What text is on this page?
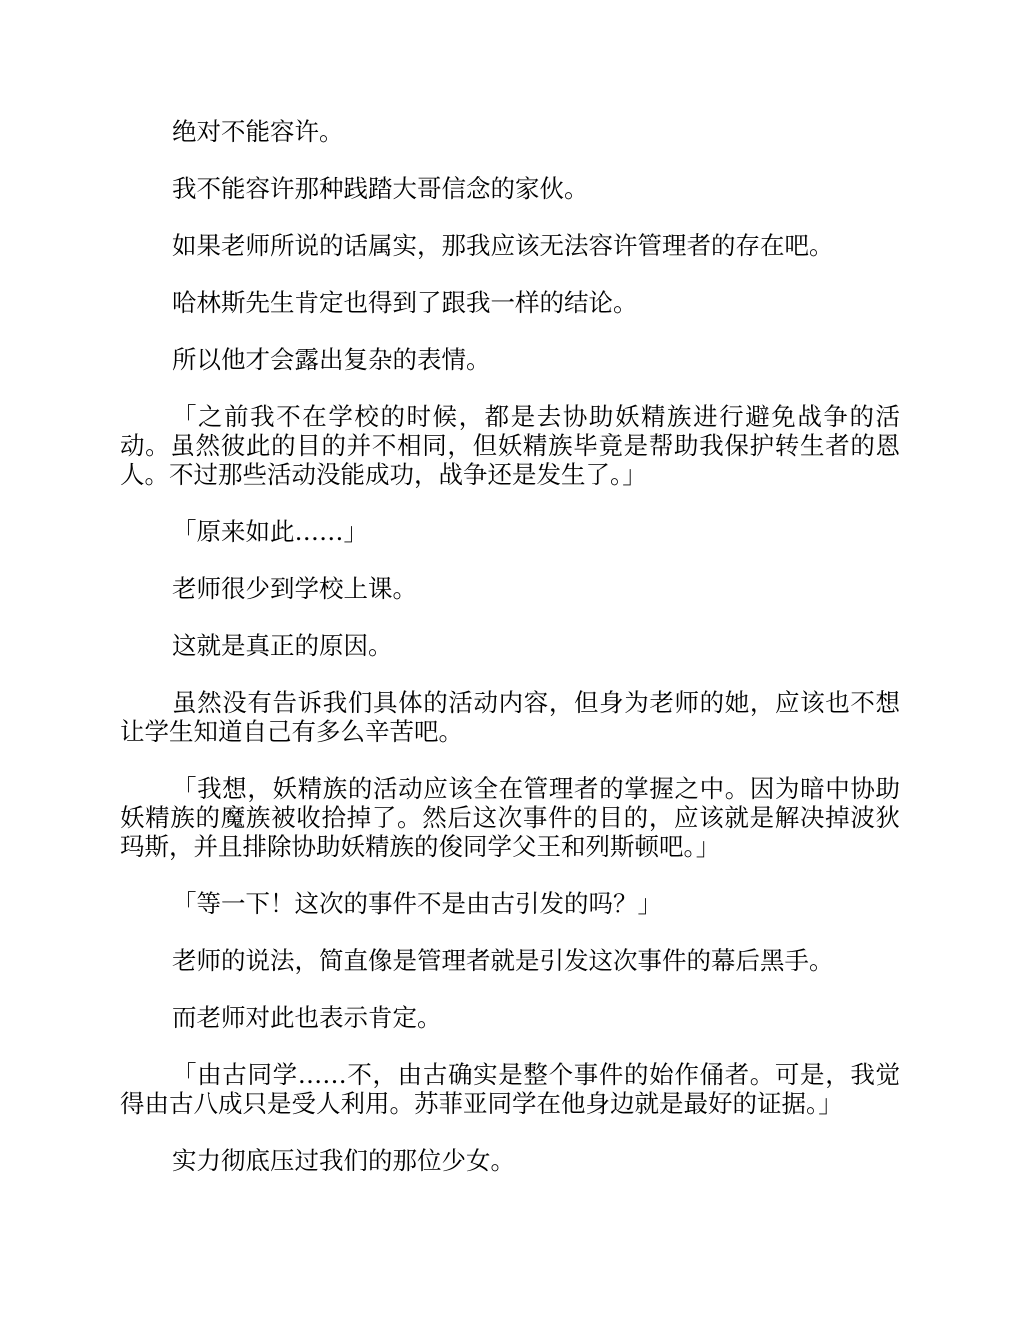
绝对不能容许。

我不能容许那种践踏大哥信念的家伙。

如果老师所说的话属实，那我应该无法容许管理者的存在吧。

哈林斯先生肯定也得到了跟我一样的结论。

所以他才会露出复杂的表情。

「之前我不在学校的时候，都是去协助妖精族进行避免战争的活动。虽然彼此的目的并不相同，但妖精族毕竟是帮助我保护转生者的恩人。不过那些活动没能成功，战争还是发生了。」

「原来如此……」

老师很少到学校上课。

这就是真正的原因。

虽然没有告诉我们具体的活动内容，但身为老师的她，应该也不想让学生知道自己有多么辛苦吧。

「我想，妖精族的活动应该全在管理者的掌握之中。因为暗中协助妖精族的魔族被收拾掉了。然后这次事件的目的，应该就是解决掉波狄玛斯，并且排除协助妖精族的俊同学父王和列斯顿吧。」

「等一下！这次的事件不是由古引发的吗？」

老师的说法，简直像是管理者就是引发这次事件的幕后黑手。

而老师对此也表示肯定。

「由古同学……不，由古确实是整个事件的始作俑者。可是，我觉得由古八成只是受人利用。苏菲亚同学在他身边就是最好的证据。」

实力彻底压过我们的那位少女。
